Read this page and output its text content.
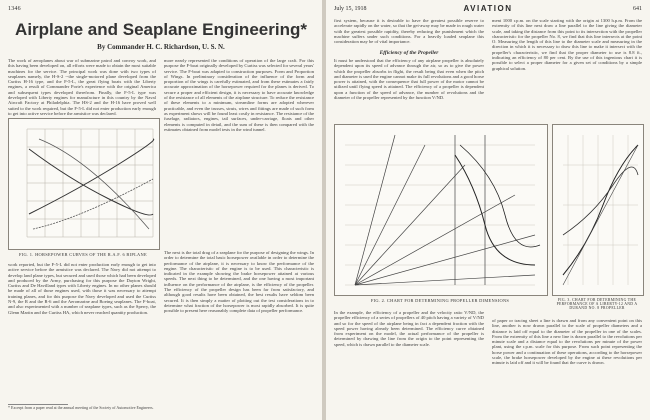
1346
Airplane and Seaplane Engineering*
By Commander H. C. Richardson, U. S. N.
The work of aeroplanes about war of submarine patrol and convoy work, and this having been developed on, all efforts were made to obtain the most suitable machines for the service. The principal work was done with two types of seaplanes namely, the H-S-2 --the single-motored plane developed from the Curtiss H-16 type, and the F-5-L, the great flying boats with the Liberty engines, a result of Commander Porte's experience with the original America and subsequent types developed therefrom. Finally, the F-5-L type was developed with Liberty engines for manufacture in this country by the Naval Aircraft Factory at Philadelphia. The HS-2 and the H-16 have proved well suited to the work required, but the F-5-L did not enter production early enough to get into active service before the armistice was declared.
more nearly represented the conditions of operation of the large craft. For this purpose the F-boat originally developed by Curtiss was selected for several years' service. The F-boat was adapted to construction purposes. Form and Proportion of Wings. In preliminary consideration of the influence of the form and proportion of the wings is carefully estimated, and from these estimates a fairly accurate approximation of the horsepower required for the planes is derived. To secure a proper and efficient design, it is necessary to have accurate knowledge of the resistance of all elements of the airplane structure. To reduce the resistance of these elements to a minimum, streamline forms are adopted wherever practicable, and even the trusses, struts, wires and fittings are made of such form as experiment shows will be found least costly in resistance. The resistance of the fuselage, radiators, engines, tail surfaces, under-carriage, floats and other elements is computed in detail, and the sum of these is then compared with the estimates obtained from model tests in the wind tunnel.
FIG. 1. HORSEPOWER CURVES OF THE R.A.F. 6 BIPLANE
work reported, but the F-5-L did not enter production early enough to get into active service before the armistice was declared. The Navy did not attempt to develop land plane types, but secured and used those which had been developed and produced by the Army, purchasing for this purpose the Dayton Wright, Curtiss and De Havilland types with Liberty engines. In no other planes should be made of all of those engines used, with those it was necessary to attempt training planes, and for this purpose the Navy developed and used the Curtiss N-9, the R and the R-6 and the Aeromarine and Boeing seaplanes. The F-boat, and also experimented with a number of seaplane types, such as the Sperry, the Glenn Martin and the Curtiss HA, which never reached quantity production.
The next is the total drag of a seaplane for the purpose of designing the wings. In order to determine the total basic horsepower available in order to determine the performance of the airplane, it is necessary to know the performance of the engine. The characteristic of the engine is to be used. This characteristic is indicated in the example showing the brake horsepower attained at various speeds. The next thing to be determined, and the one having a most important influence on the performance of the airplane, is the efficiency of the propeller. The efficiency of the propeller design has been far from satisfactory, and although good results have been obtained, the best results have seldom been secured. It is then simply a matter of plotting out the test considerations in to determine what fraction of the horsepower is most rapidly absorbed. It is quite possible to present here reasonably complete data of propeller performance.
* Excerpt from a paper read at the annual meeting of the Society of Automotive Engineers.
July 15, 1918	AVIATION	641
first system, because it is desirable to have the greatest possible reserve to accelerate rapidly on the water, so that the get-away may be made in rough water with the greatest possible rapidity, thereby reducing the punishment which the machine suffers under such conditions. For a heavily loaded seaplane this consideration may be of vital importance.
Efficiency of the Propeller
It must be understood that the efficiency of any airplane propeller is absolutely dependent upon its speed of advance through the air, so as to give the power which the propeller absorbs in flight, the result being that even when the pitch and diameter is used the engine cannot make its full revolutions and a good horse power is attained, with the consequence that full power of the motor cannot be utilized until flying speed is attained. The efficiency of a propeller is dependent upon a function of the speed of advance, the number of revolutions and the diameter of the propeller represented by the function V/ND.
ment 1000 r.p.m. on the scale starting with the origin at 1300 h.p.m. From the extremity of this line next draw a line parallel to the line giving the diameter scale, and taking the distance from this point to its intersection with the propeller characteristic for the propeller No. 8, we find that this line intersects at the point O. Measuring the length of this line to the diameter scale and measuring in the direction in which it is necessary to draw this line to make it intersect with the propeller's characteristic, we find that the proper diameter to use is 8.8 ft., indicating an efficiency of 80 per cent. By the use of this ingenious chart it is possible to select a proper diameter for a given set of conditions by a simple graphical solution.
FIG. 2. CHART FOR DETERMINING PROPELLER DIMENSIONS	FIG. 3. CHART FOR DETERMINING THE PERFORMANCE OF A LIBERTY-12 AND A DURAND NO. 8 PROPELLER
In the example, the efficiency of a propeller and the velocity ratio V/ND, the propeller efficiency of a series of propellers of 40 pitch having a variety of V/ND and so for the speed of the airplane being in fact a dependent fraction with the speed power having already been determined. The efficiency curve obtained from experiment on the model, the actual performance of the propeller is determined by drawing the line from the origin to the point representing the speed, which is drawn parallel to the diameter scale.
of paper or tracing sheet a line is drawn and from any convenient point on this line, another is now drawn parallel to the scale of propeller diameters and a distance is laid off equal to the diameter of the propeller in one of the scales. From the extremity of this line a new line is drawn parallel to the revolutions per minute scale and a distance equal to the revolutions per minute of the power plant, using the r.p.m. scale for this purpose. From such point representing the horse power and a continuation of these operations, according to the horsepower scale, the brake horsepower developed by the engine at these revolutions per minute is laid off and it will be found that the curve is drawn.
